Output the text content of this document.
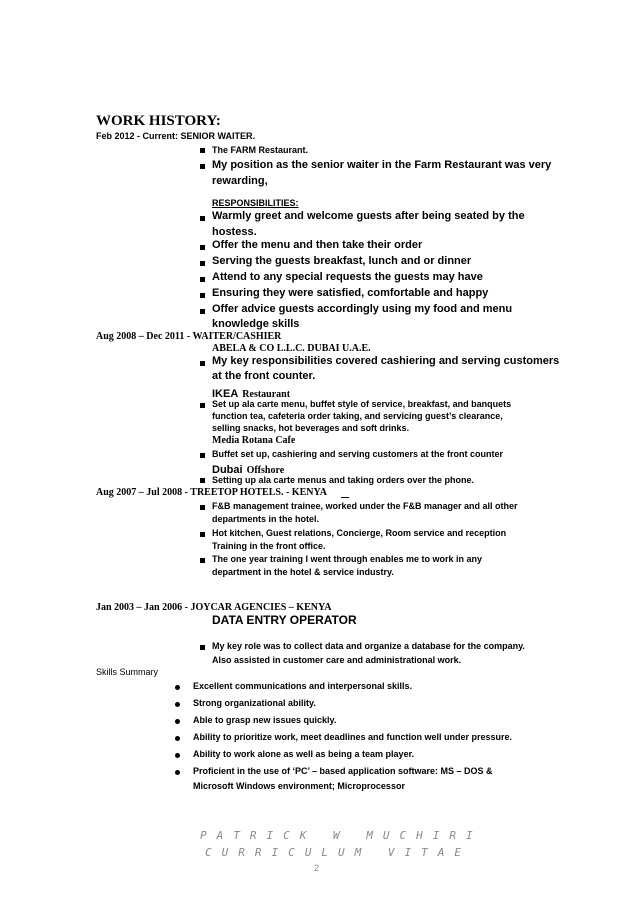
WORK HISTORY:
Feb 2012 - Current: SENIOR WAITER.
The FARM Restaurant.
My position as the senior waiter in the Farm Restaurant was very
rewarding,
RESPONSIBILITIES:
Warmly greet and welcome guests after being seated by the
hostess.
Offer the menu and then take their order
Serving the guests breakfast, lunch and or dinner
Attend to any special requests the guests may have
Ensuring they were satisfied, comfortable and happy
Offer advice guests accordingly using my food and menu
knowledge skills
Aug 2008 – Dec 2011 - WAITER/CASHIER
ABELA & CO L.L.C. DUBAI U.A.E.
My key responsibilities covered cashiering and serving customers
at the front counter.
IKEA Restaurant
Set up ala carte menu, buffet style of service, breakfast, and banquets
function tea, cafeteria order taking, and servicing guest’s clearance,
selling snacks, hot beverages and soft drinks.
Media Rotana Cafe
Buffet set up, cashiering and serving customers at the front counter
Dubai Offshore
Setting up ala carte menus and taking orders over the phone.
Aug 2007 – Jul 2008 - TREETOP HOTELS. - KENYA
F&B management trainee, worked under the F&B manager and all other
departments in the hotel.
Hot kitchen, Guest relations, Concierge, Room service and reception
Training in the front office.
The one year training I went through enables me to work in any
department in the hotel & service industry.
Jan 2003 – Jan 2006 - JOYCAR AGENCIES – KENYA
DATA ENTRY OPERATOR
My key role was to collect data and organize a database for the company.
Also assisted in customer care and administrational work.
Skills Summary
Excellent communications and interpersonal skills.
Strong organizational ability.
Able to grasp new issues quickly.
Ability to prioritize work, meet deadlines and function well under pressure.
Ability to work alone as well as being a team player.
Proficient in the use of ‘PC’ – based application software: MS – DOS &
Microsoft Windows environment; Microprocessor
PATRICK W MUCHIRI
CURRICULUM VITAE
2
